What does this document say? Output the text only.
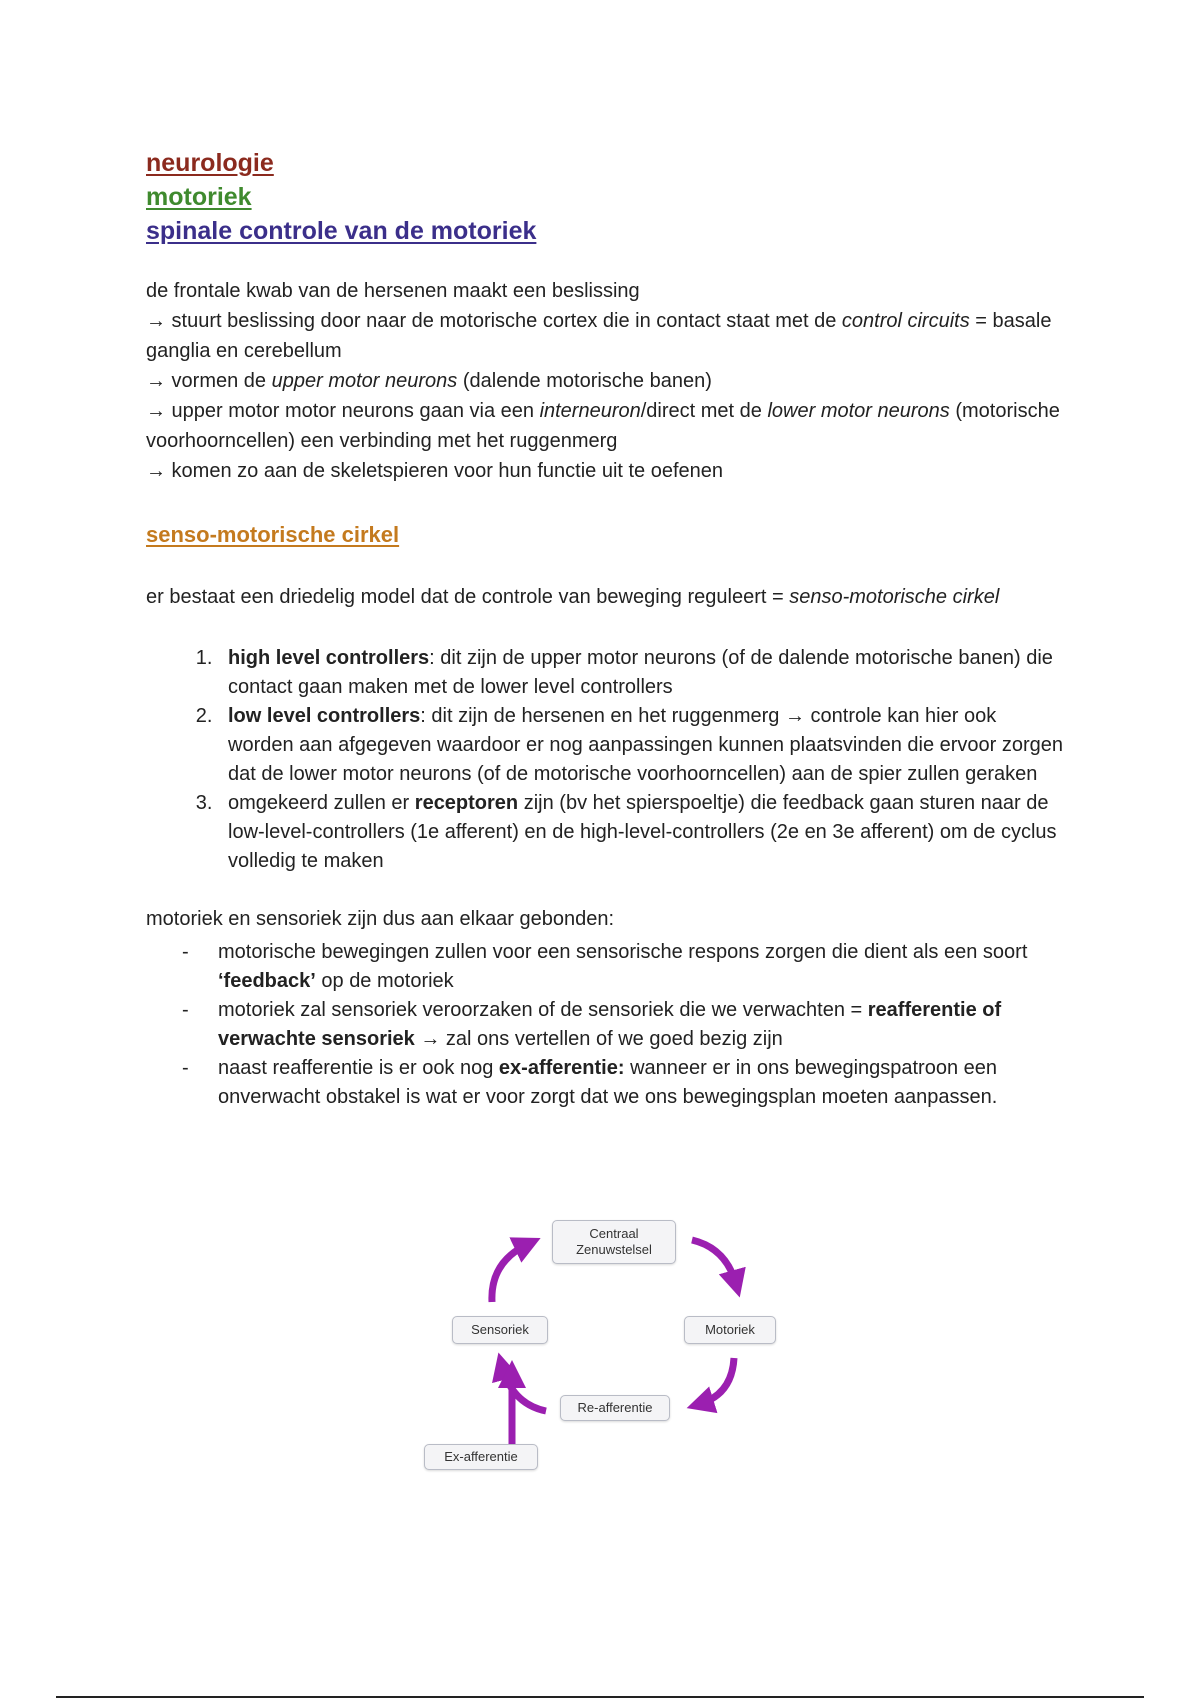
neurologie
motoriek
spinale controle van de motoriek

de frontale kwab van de hersenen maakt een beslissing

→ stuurt beslissing door naar de motorische cortex die in contact staat met de control circuits = basale ganglia en cerebellum

→ vormen de upper motor neurons (dalende motorische banen)

→ upper motor motor neurons gaan via een interneuron/direct met de lower motor neurons (motorische voorhoorncellen) een verbinding met het ruggenmerg

→ komen zo aan de skeletspieren voor hun functie uit te oefenen

senso-motorische cirkel

er bestaat een driedelig model dat de controle van beweging reguleert = senso-motorische cirkel

1. high level controllers: dit zijn de upper motor neurons (of de dalende motorische banen) die contact gaan maken met de lower level controllers
2. low level controllers: dit zijn de hersenen en het ruggenmerg → controle kan hier ook worden aan afgegeven waardoor er nog aanpassingen kunnen plaatsvinden die ervoor zorgen dat de lower motor neurons (of de motorische voorhoorncellen) aan de spier zullen geraken
3. omgekeerd zullen er receptoren zijn (bv het spierspoeltje) die feedback gaan sturen naar de low-level-controllers (1e afferent) en de high-level-controllers (2e en 3e afferent) om de cyclus volledig te maken

motoriek en sensoriek zijn dus aan elkaar gebonden:

- motorische bewegingen zullen voor een sensorische respons zorgen die dient als een soort ‘feedback’ op de motoriek
- motoriek zal sensoriek veroorzaken of de sensoriek die we verwachten = reafferentie of verwachte sensoriek → zal ons vertellen of we goed bezig zijn
- naast reafferentie is er ook nog ex-afferentie: wanneer er in ons bewegingspatroon een onverwacht obstakel is wat er voor zorgt dat we ons bewegingsplan moeten aanpassen.
Centraal
Zenuwstelsel
Motoriek
Sensoriek
Re-afferentie
Ex-afferentie
